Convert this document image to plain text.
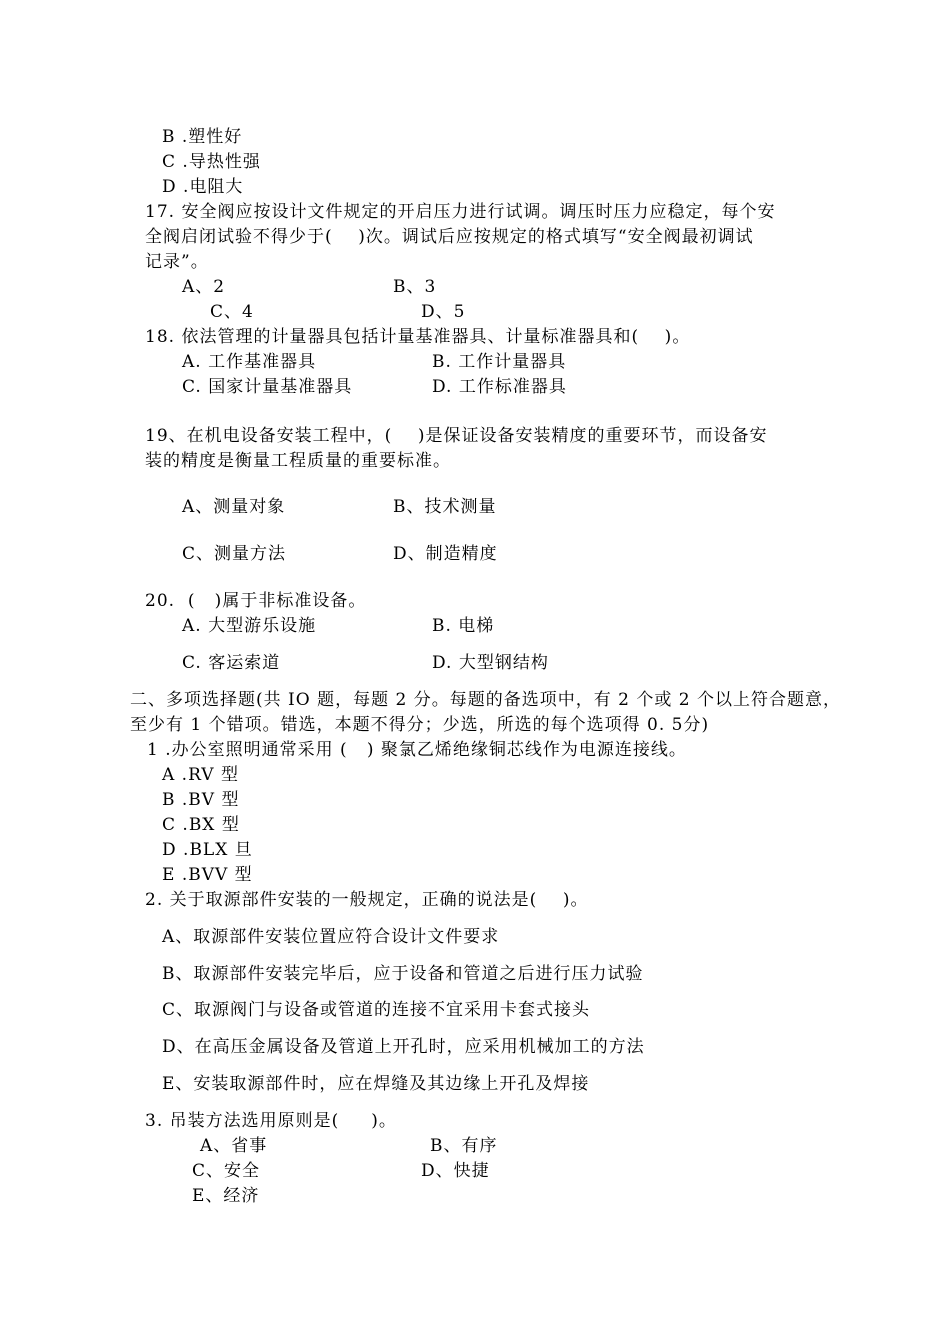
B .塑性好
C .导热性强
D .电阻大
17. 安全阀应按设计文件规定的开启压力进行试调。调压时压力应稳定，每个安
全阀启闭试验不得少于(    )次。调试后应按规定的格式填写“安全阀最初调试
记录”。
A、2	B、3
C、4	D、5
18. 依法管理的计量器具包括计量基准器具、计量标准器具和(    )。
A. 工作基准器具	B. 工作计量器具
C. 国家计量基准器具	D. 工作标准器具
19、在机电设备安装工程中，(    )是保证设备安装精度的重要环节，而设备安
装的精度是衡量工程质量的重要标准。
A、测量对象	B、技术测量
C、测量方法	D、制造精度
20.  (   )属于非标准设备。
A. 大型游乐设施	B. 电梯
C. 客运索道	D. 大型钢结构
二、多项选择题(共 IO 题，每题 2 分。每题的备选项中，有 2 个或 2 个以上符合题意，
至少有 1 个错项。错选，本题不得分；少选，所选的每个选项得 0. 5分)
1 .办公室照明通常采用 (   ) 聚氯乙烯绝缘铜芯线作为电源连接线。
A .RV 型
B .BV 型
C .BX 型
D .BLX 旦
E .BVV 型
2. 关于取源部件安装的一般规定，正确的说法是(    )。
A、取源部件安装位置应符合设计文件要求
B、取源部件安装完毕后，应于设备和管道之后进行压力试验
C、取源阀门与设备或管道的连接不宜采用卡套式接头
D、在高压金属设备及管道上开孔时，应采用机械加工的方法
E、安装取源部件时，应在焊缝及其边缘上开孔及焊接
3. 吊装方法选用原则是(     )。
A、省事	B、有序
C、安全	D、快捷
E、经济
